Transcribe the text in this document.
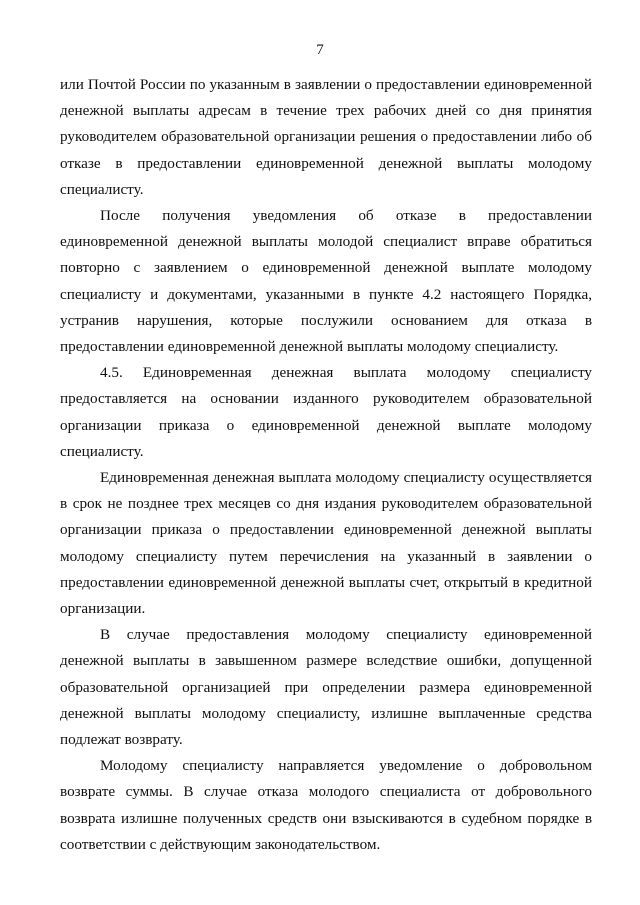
7

или Почтой России по указанным в заявлении о предоставлении единовременной денежной выплаты адресам в течение трех рабочих дней со дня принятия руководителем образовательной организации решения о предоставлении либо об отказе в предоставлении единовременной денежной выплаты молодому специалисту.

После получения уведомления об отказе в предоставлении единовременной денежной выплаты молодой специалист вправе обратиться повторно с заявлением о единовременной денежной выплате молодому специалисту и документами, указанными в пункте 4.2 настоящего Порядка, устранив нарушения, которые послужили основанием для отказа в предоставлении единовременной денежной выплаты молодому специалисту.

4.5. Единовременная денежная выплата молодому специалисту предоставляется на основании изданного руководителем образовательной организации приказа о единовременной денежной выплате молодому специалисту.

Единовременная денежная выплата молодому специалисту осуществляется в срок не позднее трех месяцев со дня издания руководителем образовательной организации приказа о предоставлении единовременной денежной выплаты молодому специалисту путем перечисления на указанный в заявлении о предоставлении единовременной денежной выплаты счет, открытый в кредитной организации.

В случае предоставления молодому специалисту единовременной денежной выплаты в завышенном размере вследствие ошибки, допущенной образовательной организацией при определении размера единовременной денежной выплаты молодому специалисту, излишне выплаченные средства подлежат возврату.

Молодому специалисту направляется уведомление о добровольном возврате суммы. В случае отказа молодого специалиста от добровольного возврата излишне полученных средств они взыскиваются в судебном порядке в соответствии с действующим законодательством.
